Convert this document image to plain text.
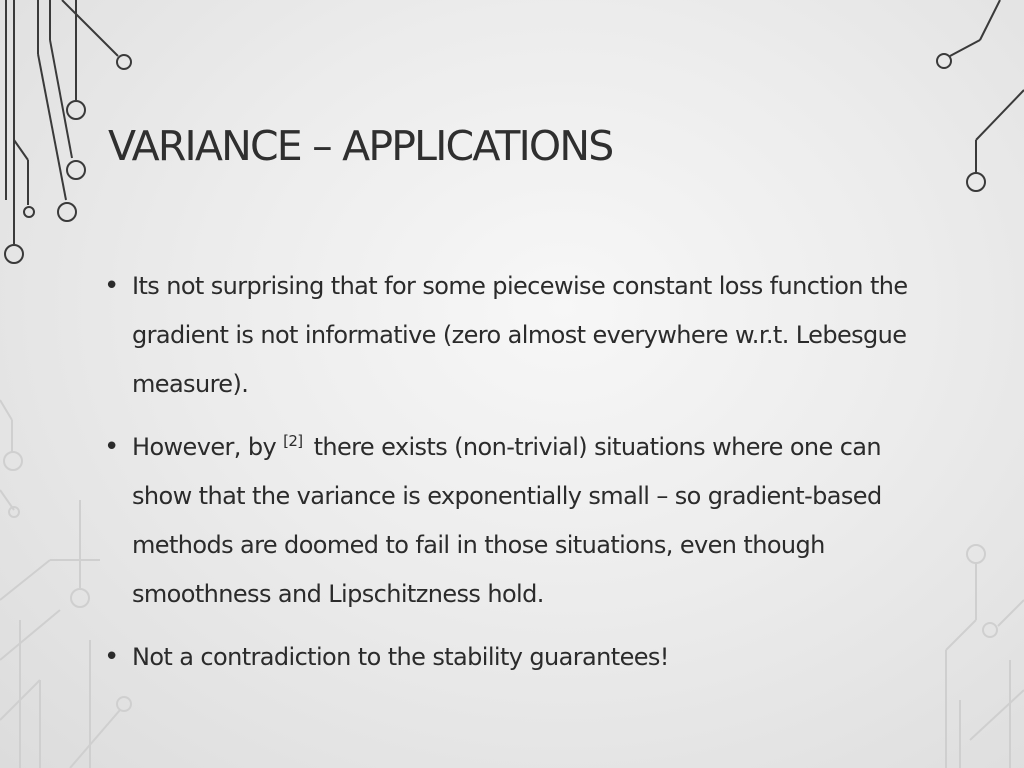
VARIANCE – APPLICATIONS
• Its not surprising that for some piecewise constant loss function the gradient is not informative (zero almost everywhere w.r.t. Lebesgue measure).
• However, by [2] there exists (non-trivial) situations where one can show that the variance is exponentially small – so gradient-based methods are doomed to fail in those situations, even though smoothness and Lipschitzness hold.
• Not a contradiction to the stability guarantees!
